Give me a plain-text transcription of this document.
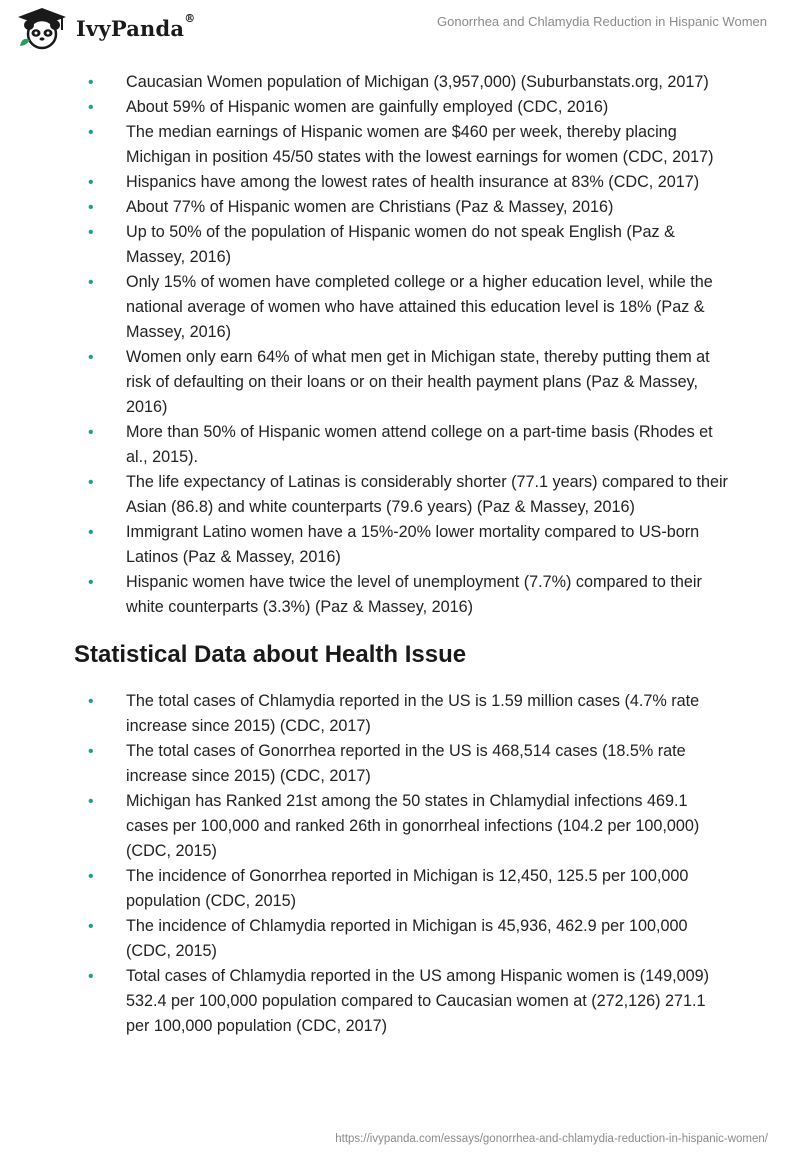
IvyPanda®	Gonorrhea and Chlamydia Reduction in Hispanic Women
• Caucasian Women population of Michigan (3,957,000) (Suburbanstats.org, 2017)
• About 59% of Hispanic women are gainfully employed (CDC, 2016)
• The median earnings of Hispanic women are $460 per week, thereby placing Michigan in position 45/50 states with the lowest earnings for women (CDC, 2017)
• Hispanics have among the lowest rates of health insurance at 83% (CDC, 2017)
• About 77% of Hispanic women are Christians (Paz & Massey, 2016)
• Up to 50% of the population of Hispanic women do not speak English (Paz & Massey, 2016)
• Only 15% of women have completed college or a higher education level, while the national average of women who have attained this education level is 18% (Paz & Massey, 2016)
• Women only earn 64% of what men get in Michigan state, thereby putting them at risk of defaulting on their loans or on their health payment plans (Paz & Massey, 2016)
• More than 50% of Hispanic women attend college on a part-time basis (Rhodes et al., 2015).
• The life expectancy of Latinas is considerably shorter (77.1 years) compared to their Asian (86.8) and white counterparts (79.6 years) (Paz & Massey, 2016)
• Immigrant Latino women have a 15%-20% lower mortality compared to US-born Latinos (Paz & Massey, 2016)
• Hispanic women have twice the level of unemployment (7.7%) compared to their white counterparts (3.3%) (Paz & Massey, 2016)
Statistical Data about Health Issue
• The total cases of Chlamydia reported in the US is 1.59 million cases (4.7% rate increase since 2015) (CDC, 2017)
• The total cases of Gonorrhea reported in the US is 468,514 cases (18.5% rate increase since 2015) (CDC, 2017)
• Michigan has Ranked 21st among the 50 states in Chlamydial infections 469.1 cases per 100,000 and ranked 26th in gonorrheal infections (104.2 per 100,000) (CDC, 2015)
• The incidence of Gonorrhea reported in Michigan is 12,450, 125.5 per 100,000 population (CDC, 2015)
• The incidence of Chlamydia reported in Michigan is 45,936, 462.9 per 100,000 (CDC, 2015)
• Total cases of Chlamydia reported in the US among Hispanic women is (149,009) 532.4 per 100,000 population compared to Caucasian women at (272,126) 271.1 per 100,000 population (CDC, 2017)
https://ivypanda.com/essays/gonorrhea-and-chlamydia-reduction-in-hispanic-women/
